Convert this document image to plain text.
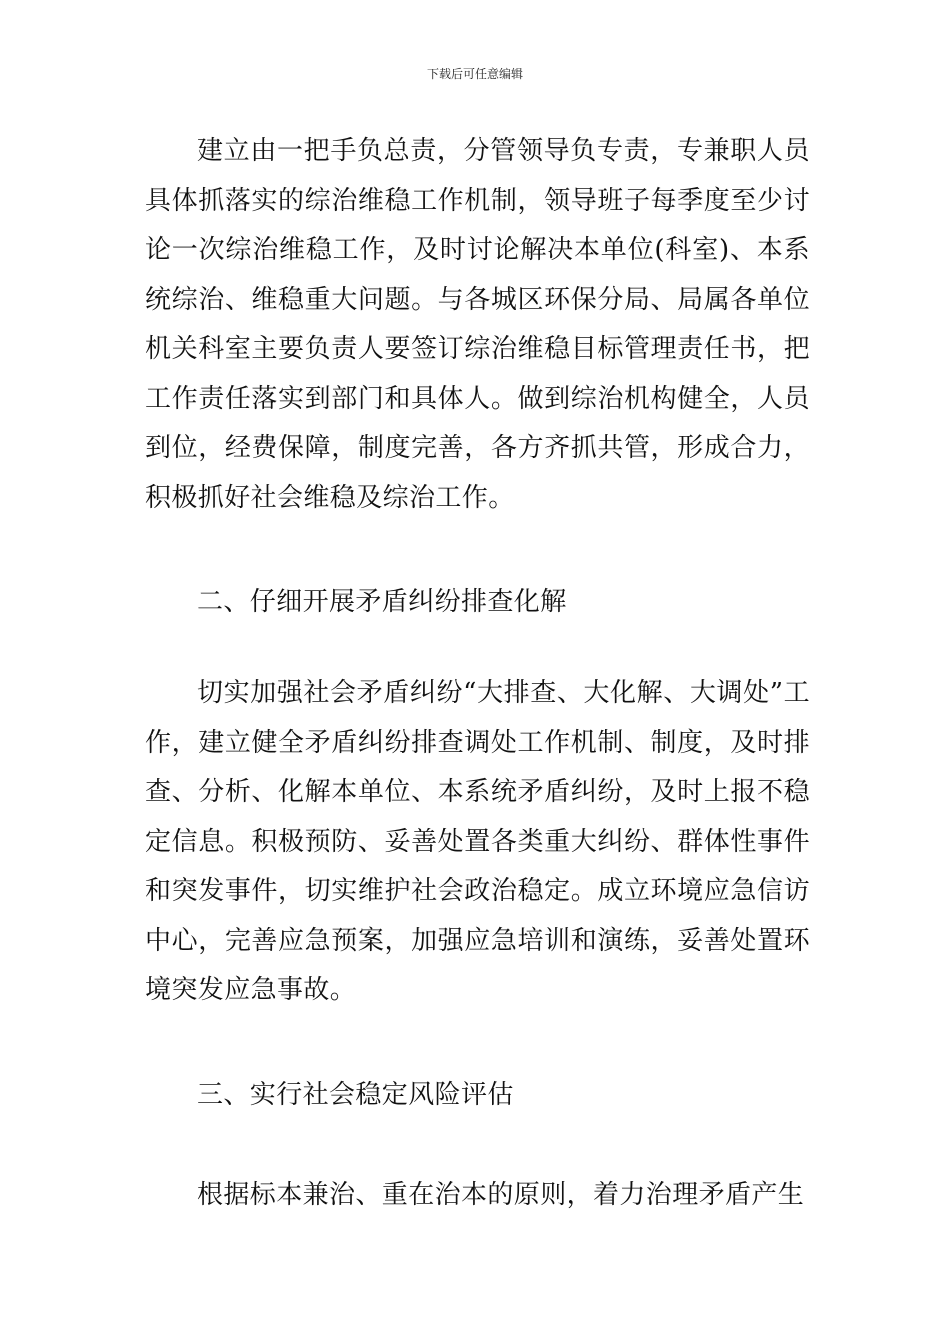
下载后可任意编辑

建立由一把手负总责，分管领导负专责，专兼职人员具体抓落实的综治维稳工作机制，领导班子每季度至少讨论一次综治维稳工作，及时讨论解决本单位(科室)、本系统综治、维稳重大问题。与各城区环保分局、局属各单位机关科室主要负责人要签订综治维稳目标管理责任书，把工作责任落实到部门和具体人。做到综治机构健全，人员到位，经费保障，制度完善，各方齐抓共管，形成合力，积极抓好社会维稳及综治工作。

二、仔细开展矛盾纠纷排查化解

切实加强社会矛盾纠纷“大排查、大化解、大调处”工作，建立健全矛盾纠纷排查调处工作机制、制度，及时排查、分析、化解本单位、本系统矛盾纠纷，及时上报不稳定信息。积极预防、妥善处置各类重大纠纷、群体性事件和突发事件，切实维护社会政治稳定。成立环境应急信访中心，完善应急预案，加强应急培训和演练，妥善处置环境突发应急事故。

三、实行社会稳定风险评估

根据标本兼治、重在治本的原则，着力治理矛盾产生
